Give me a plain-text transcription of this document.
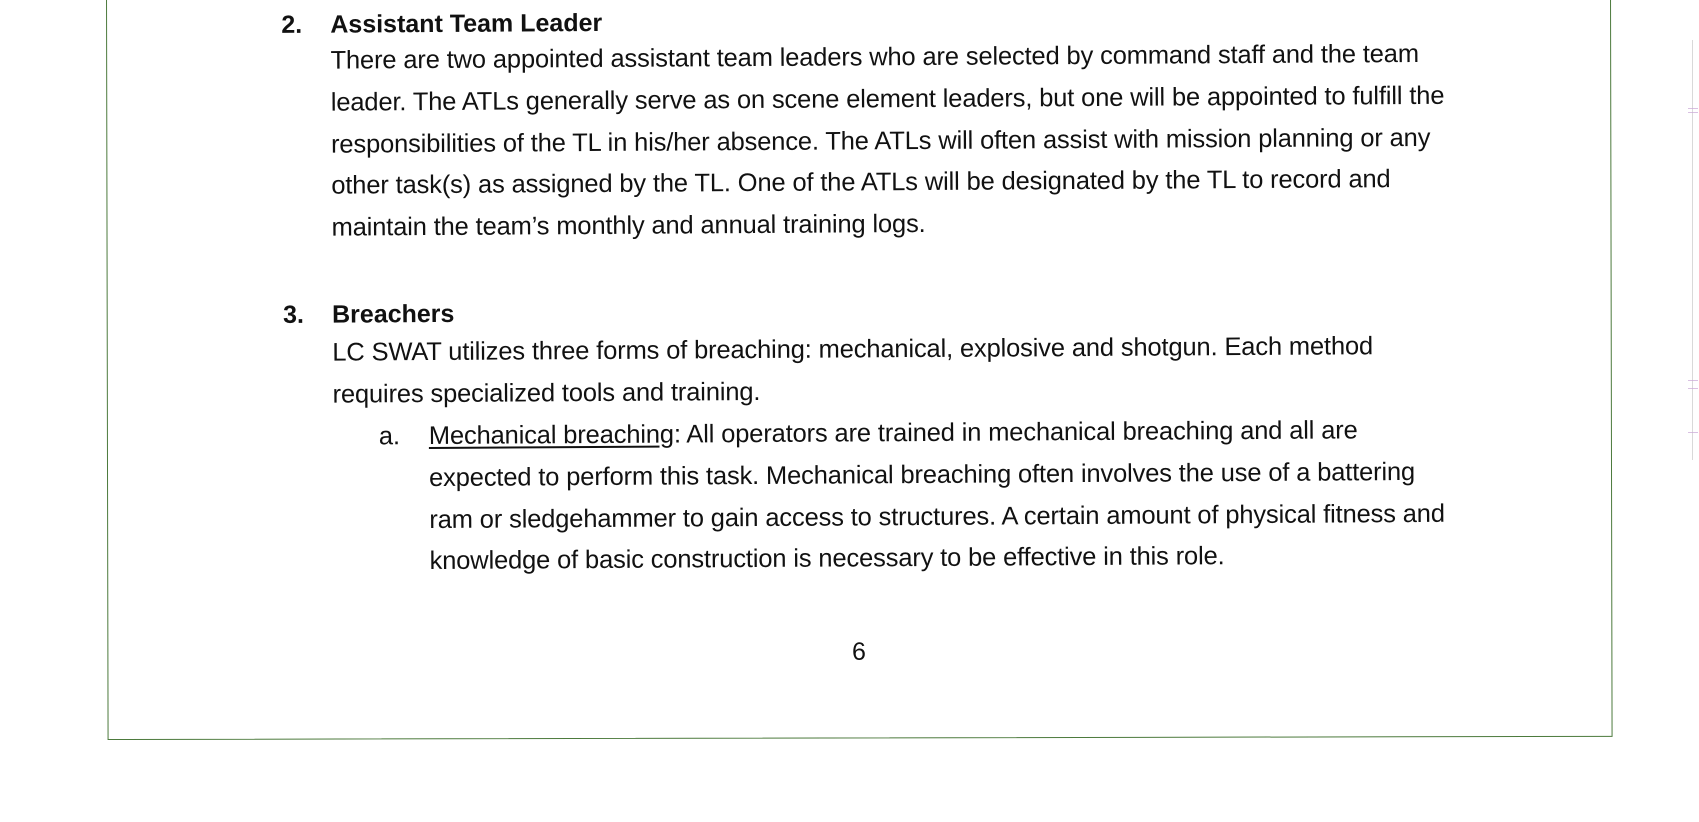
2. Assistant Team Leader
There are two appointed assistant team leaders who are selected by command staff and the team
leader. The ATLs generally serve as on scene element leaders, but one will be appointed to fulfill the
responsibilities of the TL in his/her absence. The ATLs will often assist with mission planning or any
other task(s) as assigned by the TL. One of the ATLs will be designated by the TL to record and
maintain the team’s monthly and annual training logs.
3. Breachers
LC SWAT utilizes three forms of breaching: mechanical, explosive and shotgun. Each method
requires specialized tools and training.
a. Mechanical breaching: All operators are trained in mechanical breaching and all are
expected to perform this task. Mechanical breaching often involves the use of a battering
ram or sledgehammer to gain access to structures. A certain amount of physical fitness and
knowledge of basic construction is necessary to be effective in this role.
6
